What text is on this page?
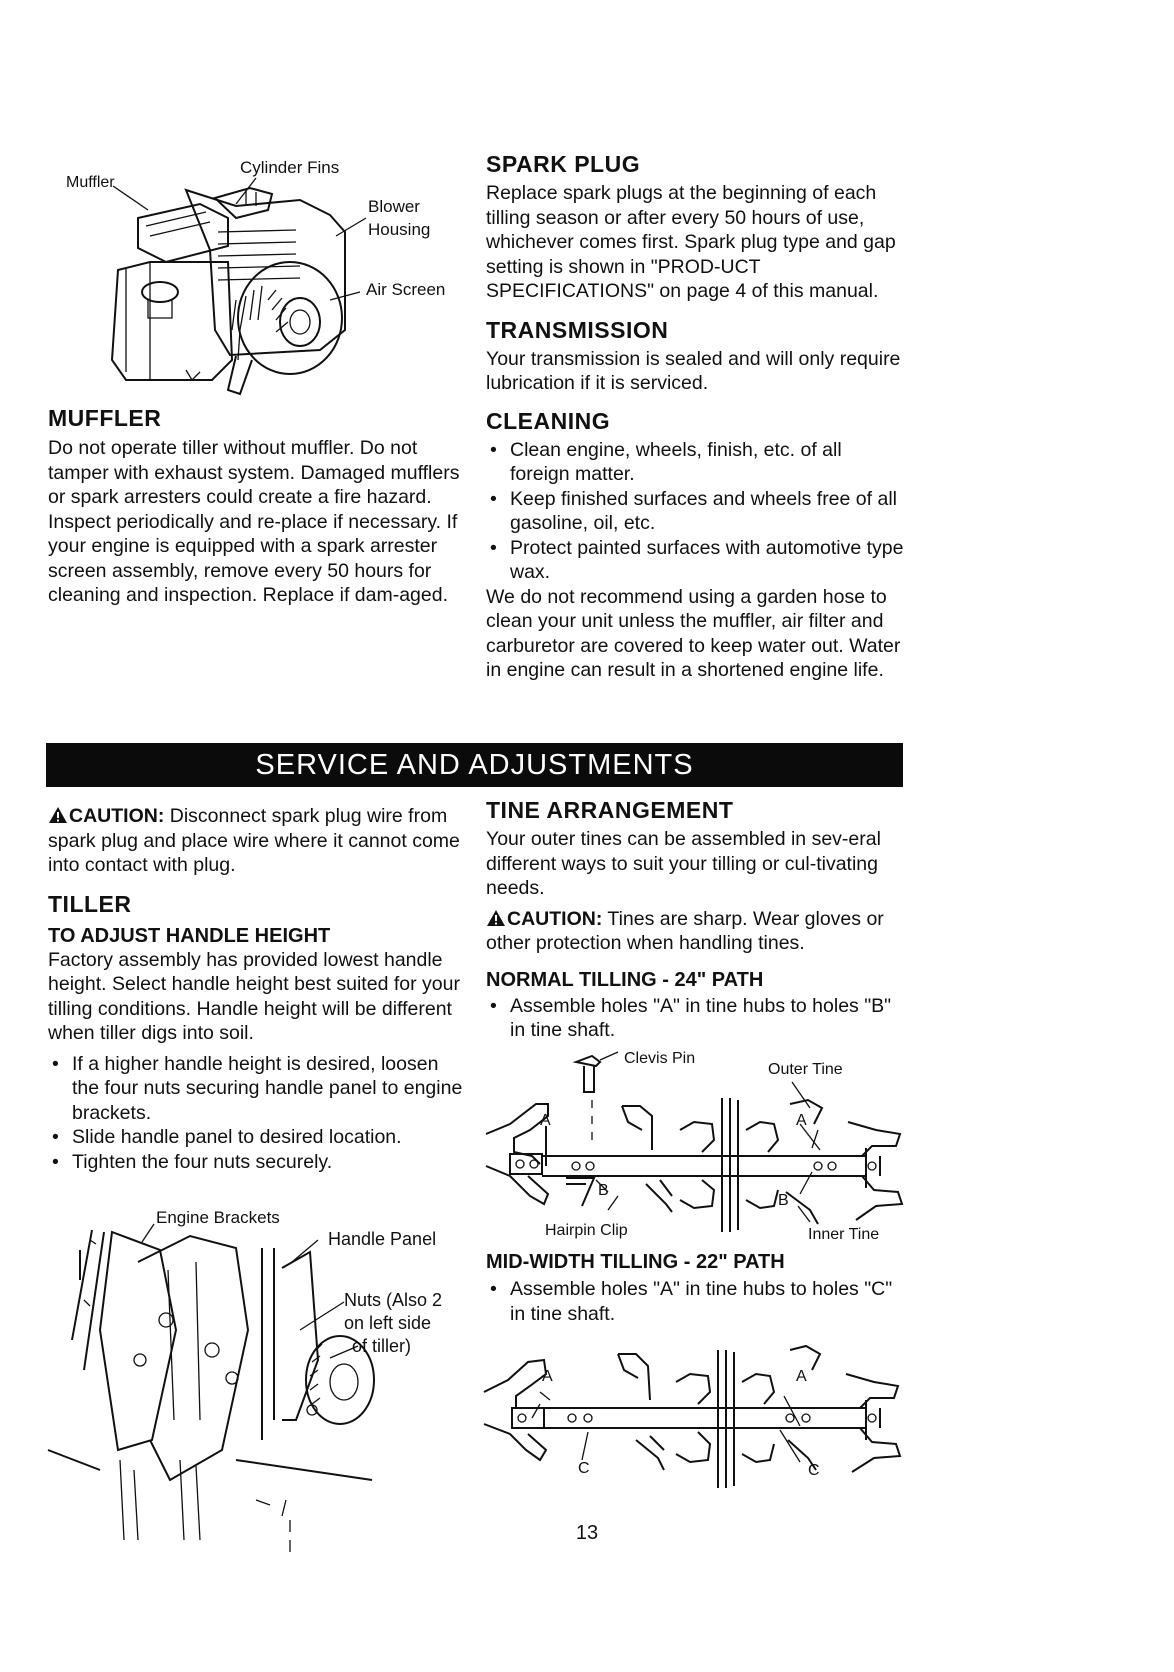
Muffler
Cylinder Fins
Blower
Housing
Air Screen
MUFFLER

Do not operate tiller without muffler. Do not tamper with exhaust system. Damaged mufflers or spark arresters could create a fire hazard. Inspect periodically and re-place if necessary. If your engine is equipped with a spark arrester screen assembly, remove every 50 hours for cleaning and inspection. Replace if dam-aged.

SPARK PLUG

Replace spark plugs at the beginning of each tilling season or after every 50 hours of use, whichever comes first. Spark plug type and gap setting is shown in "PROD-UCT SPECIFICATIONS" on page 4 of this manual.

TRANSMISSION

Your transmission is sealed and will only require lubrication if it is serviced.

CLEANING
• Clean engine, wheels, finish, etc. of all foreign matter.
• Keep finished surfaces and wheels free of all gasoline, oil, etc.
• Protect painted surfaces with automotive type wax.

We do not recommend using a garden hose to clean your unit unless the muffler, air filter and carburetor are covered to keep water out. Water in engine can result in a shortened engine life.

SERVICE AND ADJUSTMENTS

CAUTION: Disconnect spark plug wire from spark plug and place wire where it cannot come into contact with plug.

TILLER
TO ADJUST HANDLE HEIGHT

Factory assembly has provided lowest handle height. Select handle height best suited for your tilling conditions. Handle height will be different when tiller digs into soil.

• If a higher handle height is desired, loosen the four nuts securing handle panel to engine brackets.
• Slide handle panel to desired location.
• Tighten the four nuts securely.
Engine Brackets
Handle Panel
Nuts (Also 2
on left side
of tiller)
TINE ARRANGEMENT

Your outer tines can be assembled in sev-eral different ways to suit your tilling or cul-tivating needs.

CAUTION: Tines are sharp. Wear gloves or other protection when handling tines.

NORMAL TILLING - 24" PATH
• Assemble holes "A" in tine hubs to holes "B" in tine shaft.
Clevis Pin
Outer Tine
A	A
B
B
Hairpin Clip	Inner Tine
MID-WIDTH TILLING - 22" PATH
• Assemble holes "A" in tine hubs to holes "C" in tine shaft.
A	A
C	C
13
